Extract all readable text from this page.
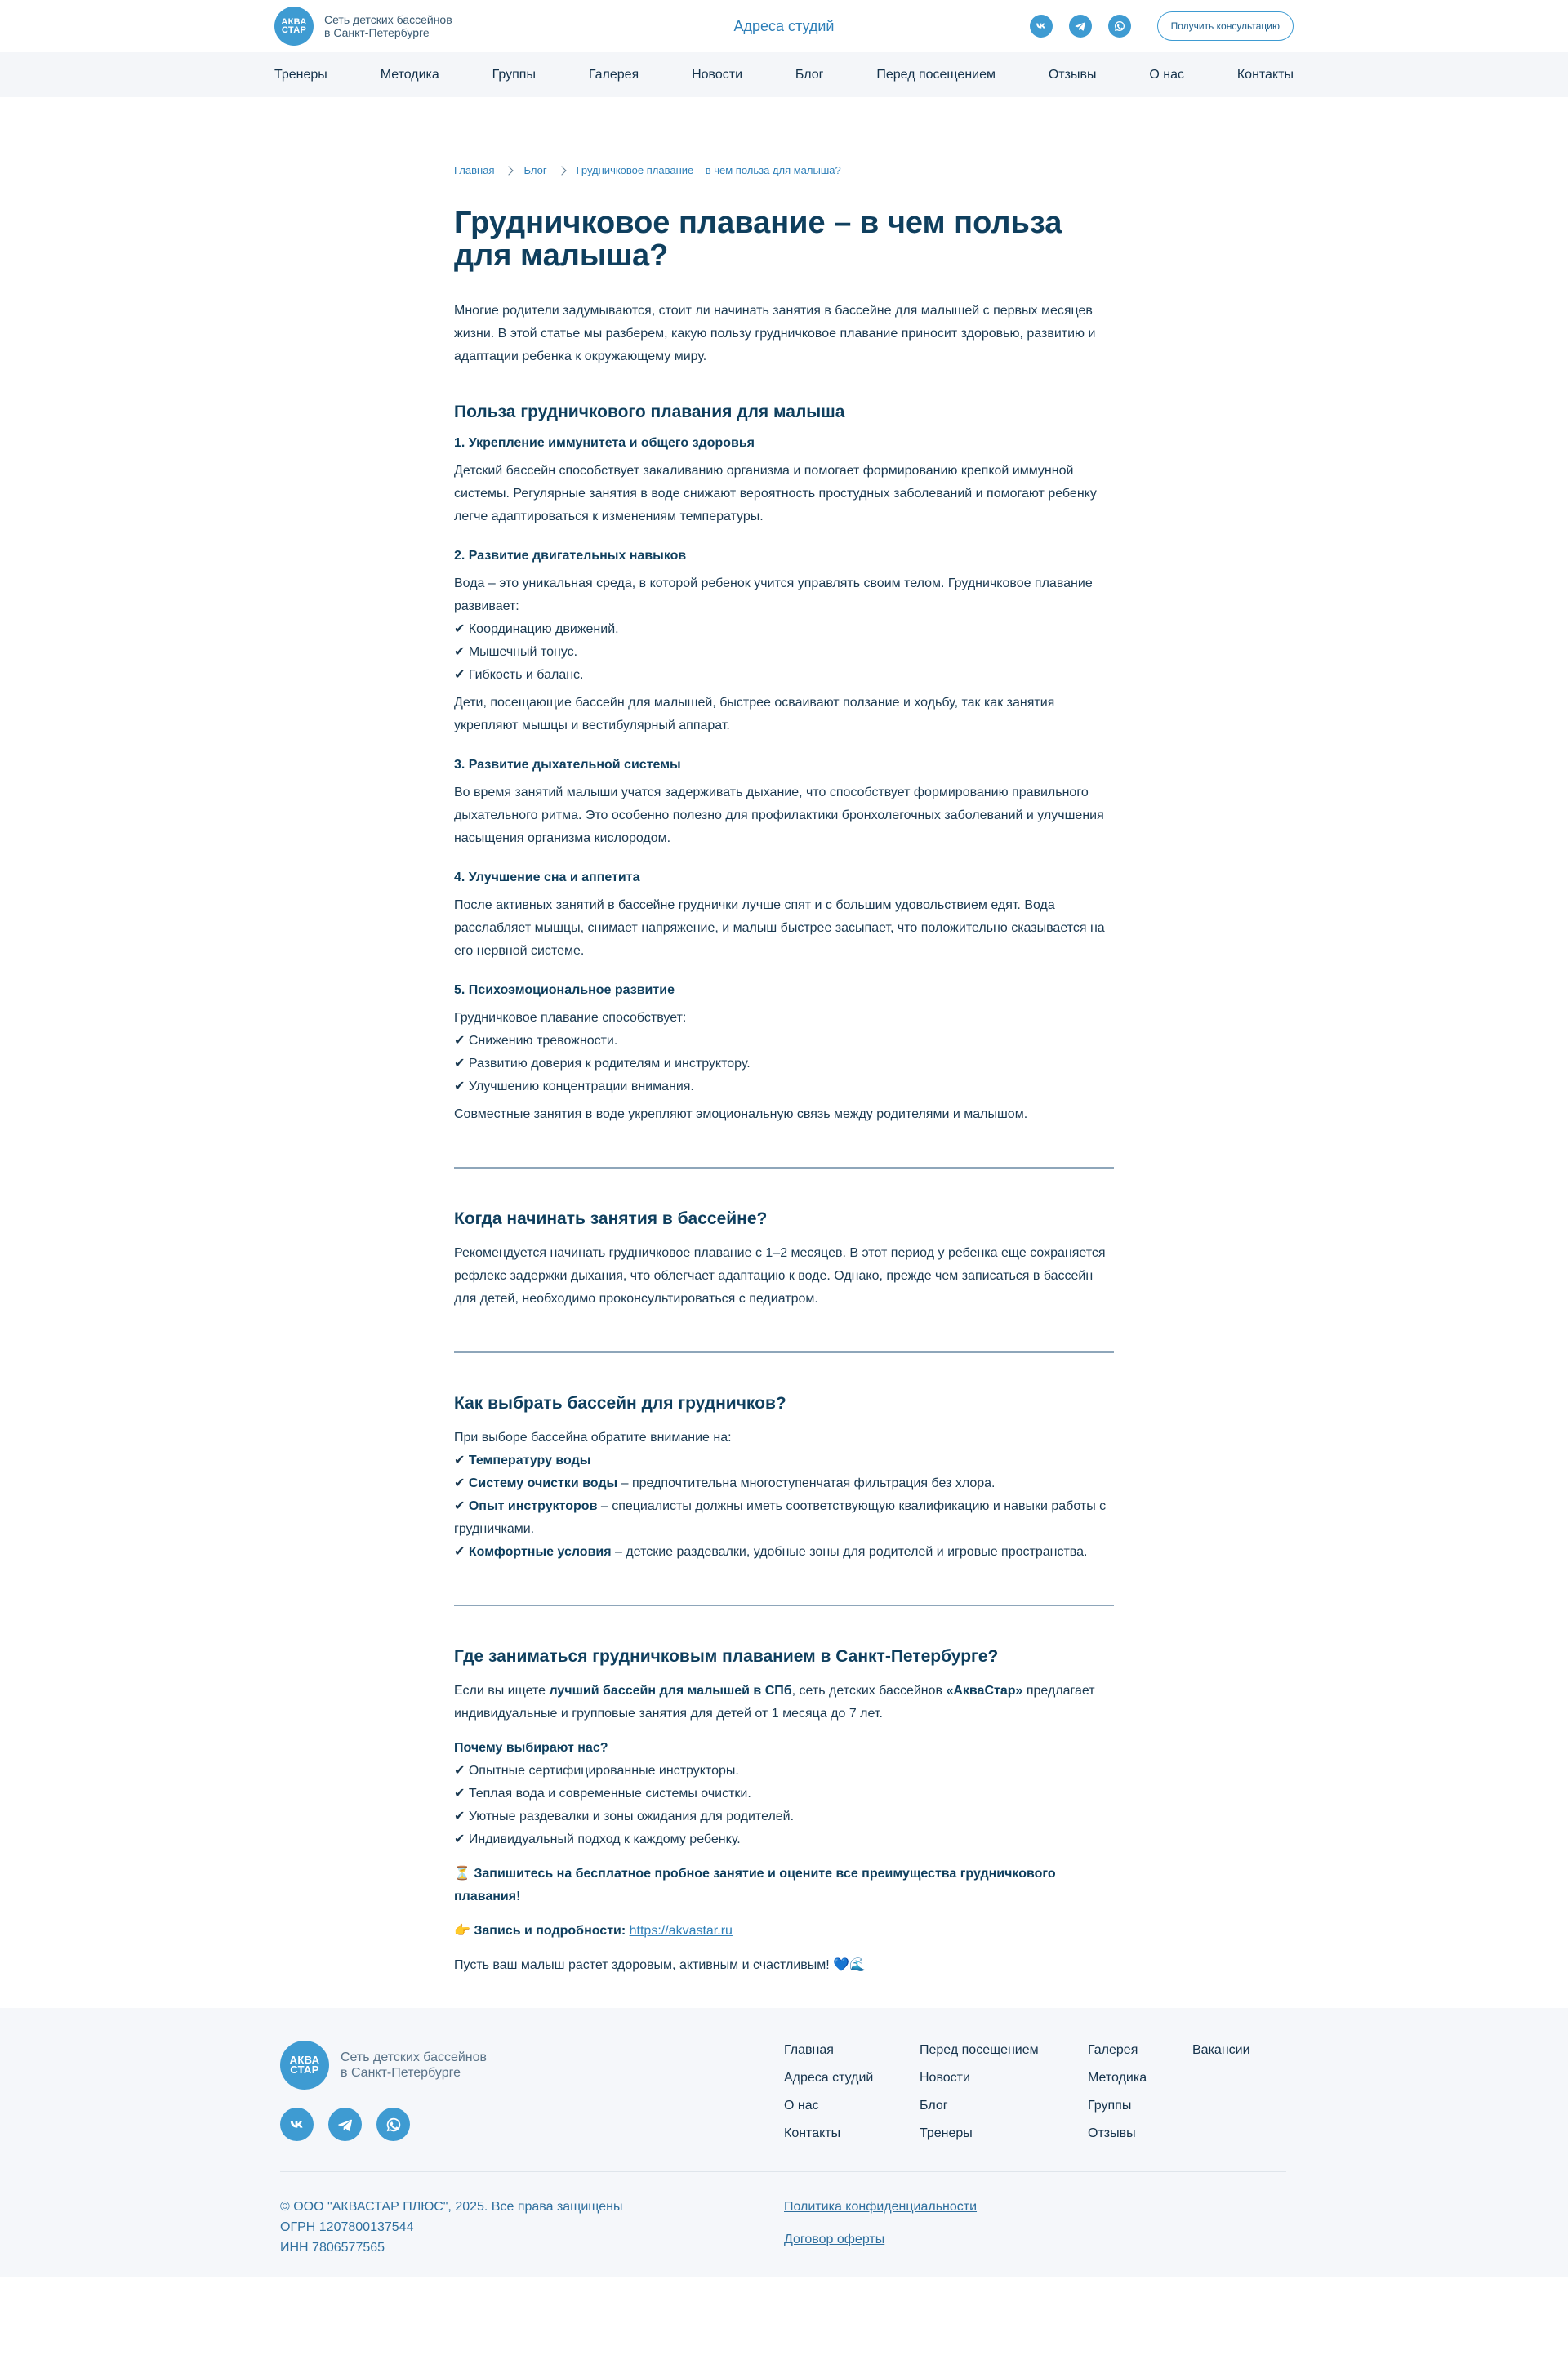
АКВА
СТАР
Сеть детских бассейнов
в Санкт-Петербурге	Адреса студий	Получить консультацию
Тренеры	Методика	Группы	Галерея	Новости	Блог	Перед посещением	Отзывы	О нас	Контакты
Главная	Блог	Грудничковое плавание – в чем польза для малыша?
Грудничковое плавание – в чем польза для малыша?

Многие родители задумываются, стоит ли начинать занятия в бассейне для малышей с первых месяцев жизни. В этой статье мы разберем, какую пользу грудничковое плавание приносит здоровью, развитию и адаптации ребенка к окружающему миру.

Польза грудничкового плавания для малыша
1. Укрепление иммунитета и общего здоровья

Детский бассейн способствует закаливанию организма и помогает формированию крепкой иммунной системы. Регулярные занятия в воде снижают вероятность простудных заболеваний и помогают ребенку легче адаптироваться к изменениям температуры.

2. Развитие двигательных навыков

Вода – это уникальная среда, в которой ребенок учится управлять своим телом. Грудничковое плавание развивает:
✔ Координацию движений.
✔ Мышечный тонус.
✔ Гибкость и баланс.

Дети, посещающие бассейн для малышей, быстрее осваивают ползание и ходьбу, так как занятия укрепляют мышцы и вестибулярный аппарат.

3. Развитие дыхательной системы

Во время занятий малыши учатся задерживать дыхание, что способствует формированию правильного дыхательного ритма. Это особенно полезно для профилактики бронхолегочных заболеваний и улучшения насыщения организма кислородом.

4. Улучшение сна и аппетита

После активных занятий в бассейне груднички лучше спят и с большим удовольствием едят. Вода расслабляет мышцы, снимает напряжение, и малыш быстрее засыпает, что положительно сказывается на его нервной системе.

5. Психоэмоциональное развитие

Грудничковое плавание способствует:
✔ Снижению тревожности.
✔ Развитию доверия к родителям и инструктору.
✔ Улучшению концентрации внимания.

Совместные занятия в воде укрепляют эмоциональную связь между родителями и малышом.

Когда начинать занятия в бассейне?

Рекомендуется начинать грудничковое плавание с 1–2 месяцев. В этот период у ребенка еще сохраняется рефлекс задержки дыхания, что облегчает адаптацию к воде. Однако, прежде чем записаться в бассейн для детей, необходимо проконсультироваться с педиатром.

Как выбрать бассейн для грудничков?

При выборе бассейна обратите внимание на:
✔ Температуру воды
✔ Систему очистки воды – предпочтительна многоступенчатая фильтрация без хлора.
✔ Опыт инструкторов – специалисты должны иметь соответствующую квалификацию и навыки работы с грудничками.
✔ Комфортные условия – детские раздевалки, удобные зоны для родителей и игровые пространства.

Где заниматься грудничковым плаванием в Санкт-Петербурге?

Если вы ищете лучший бассейн для малышей в СПб, сеть детских бассейнов «АкваСтар» предлагает индивидуальные и групповые занятия для детей от 1 месяца до 7 лет.

Почему выбирают нас?
✔ Опытные сертифицированные инструкторы.
✔ Теплая вода и современные системы очистки.
✔ Уютные раздевалки и зоны ожидания для родителей.
✔ Индивидуальный подход к каждому ребенку.

⏳ Запишитесь на бесплатное пробное занятие и оцените все преимущества грудничкового плавания!

👉 Запись и подробности: https://akvastar.ru

Пусть ваш малыш растет здоровым, активным и счастливым! 💙🌊

АКВА
СТАР
Сеть детских бассейнов
в Санкт-Петербурге
Главная
Адреса студий
О нас
Контакты
Перед посещением
Новости
Блог
Тренеры
Галерея
Методика
Группы
Отзывы
Вакансии
© ООО "АКВАСТАР ПЛЮС", 2025. Все права защищены
ОГРН 1207800137544
ИНН 7806577565
Политика конфиденциальности
Договор оферты
